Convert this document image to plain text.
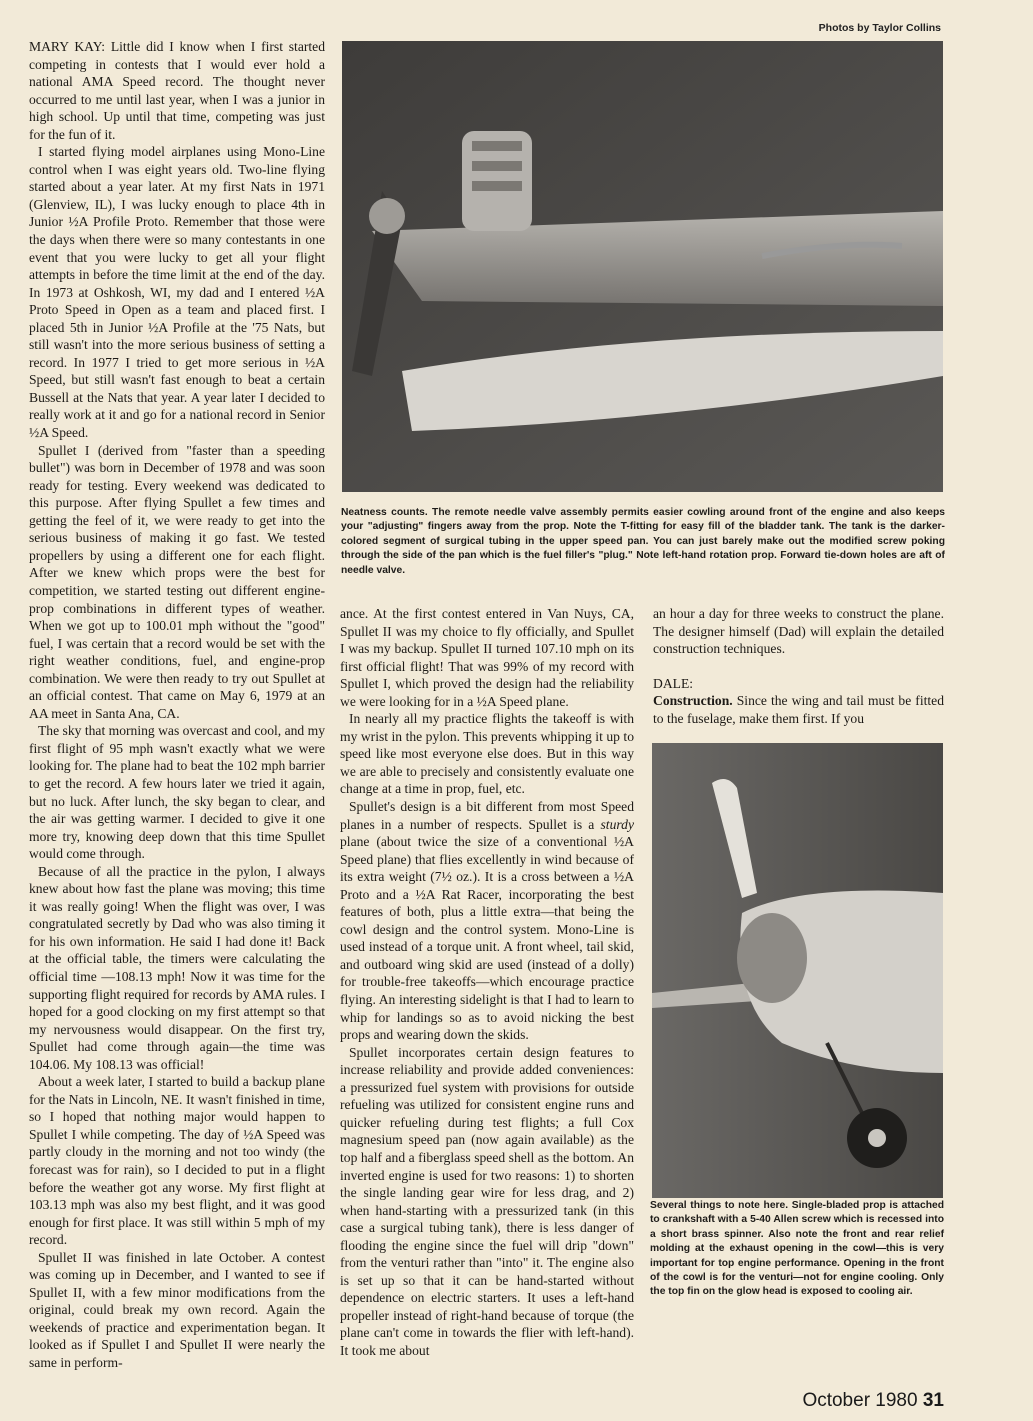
Photos by Taylor Collins

MARY KAY: Little did I know when I first started competing in contests that I would ever hold a national AMA Speed record. The thought never occurred to me until last year, when I was a junior in high school. Up until that time, competing was just for the fun of it.

I started flying model airplanes using Mono-Line control when I was eight years old. Two-line flying started about a year later. At my first Nats in 1971 (Glenview, IL), I was lucky enough to place 4th in Junior ½A Profile Proto. Remember that those were the days when there were so many contestants in one event that you were lucky to get all your flight attempts in before the time limit at the end of the day. In 1973 at Oshkosh, WI, my dad and I entered ½A Proto Speed in Open as a team and placed first. I placed 5th in Junior ½A Profile at the '75 Nats, but still wasn't into the more serious business of setting a record. In 1977 I tried to get more serious in ½A Speed, but still wasn't fast enough to beat a certain Bussell at the Nats that year. A year later I decided to really work at it and go for a national record in Senior ½A Speed.

Spullet I (derived from "faster than a speeding bullet") was born in December of 1978 and was soon ready for testing. Every weekend was dedicated to this purpose. After flying Spullet a few times and getting the feel of it, we were ready to get into the serious business of making it go fast. We tested propellers by using a different one for each flight. After we knew which props were the best for competition, we started testing out different engine-prop combinations in different types of weather. When we got up to 100.01 mph without the "good" fuel, I was certain that a record would be set with the right weather conditions, fuel, and engine-prop combination. We were then ready to try out Spullet at an official contest. That came on May 6, 1979 at an AA meet in Santa Ana, CA.

The sky that morning was overcast and cool, and my first flight of 95 mph wasn't exactly what we were looking for. The plane had to beat the 102 mph barrier to get the record. A few hours later we tried it again, but no luck. After lunch, the sky began to clear, and the air was getting warmer. I decided to give it one more try, knowing deep down that this time Spullet would come through.

Because of all the practice in the pylon, I always knew about how fast the plane was moving; this time it was really going! When the flight was over, I was congratulated secretly by Dad who was also timing it for his own information. He said I had done it! Back at the official table, the timers were calculating the official time —108.13 mph! Now it was time for the supporting flight required for records by AMA rules. I hoped for a good clocking on my first attempt so that my nervousness would disappear. On the first try, Spullet had come through again—the time was 104.06. My 108.13 was official!

About a week later, I started to build a backup plane for the Nats in Lincoln, NE. It wasn't finished in time, so I hoped that nothing major would happen to Spullet I while competing. The day of ½A Speed was partly cloudy in the morning and not too windy (the forecast was for rain), so I decided to put in a flight before the weather got any worse. My first flight at 103.13 mph was also my best flight, and it was good enough for first place. It was still within 5 mph of my record.

Spullet II was finished in late October. A contest was coming up in December, and I wanted to see if Spullet II, with a few minor modifications from the original, could break my own record. Again the weekends of practice and experimentation began. It looked as if Spullet I and Spullet II were nearly the same in perform-

Neatness counts. The remote needle valve assembly permits easier cowling around front of the engine and also keeps your "adjusting" fingers away from the prop. Note the T-fitting for easy fill of the bladder tank. The tank is the darker-colored segment of surgical tubing in the upper speed pan. You can just barely make out the modified screw poking through the side of the pan which is the fuel filler's "plug." Note left-hand rotation prop. Forward tie-down holes are aft of needle valve.

ance. At the first contest entered in Van Nuys, CA, Spullet II was my choice to fly officially, and Spullet I was my backup. Spullet II turned 107.10 mph on its first official flight! That was 99% of my record with Spullet I, which proved the design had the reliability we were looking for in a ½A Speed plane.

In nearly all my practice flights the takeoff is with my wrist in the pylon. This prevents whipping it up to speed like most everyone else does. But in this way we are able to precisely and consistently evaluate one change at a time in prop, fuel, etc.

Spullet's design is a bit different from most Speed planes in a number of respects. Spullet is a sturdy plane (about twice the size of a conventional ½A Speed plane) that flies excellently in wind because of its extra weight (7½ oz.). It is a cross between a ½A Proto and a ½A Rat Racer, incorporating the best features of both, plus a little extra—that being the cowl design and the control system. Mono-Line is used instead of a torque unit. A front wheel, tail skid, and outboard wing skid are used (instead of a dolly) for trouble-free takeoffs—which encourage practice flying. An interesting sidelight is that I had to learn to whip for landings so as to avoid nicking the best props and wearing down the skids.

Spullet incorporates certain design features to increase reliability and provide added conveniences: a pressurized fuel system with provisions for outside refueling was utilized for consistent engine runs and quicker refueling during test flights; a full Cox magnesium speed pan (now again available) as the top half and a fiberglass speed shell as the bottom. An inverted engine is used for two reasons: 1) to shorten the single landing gear wire for less drag, and 2) when hand-starting with a pressurized tank (in this case a surgical tubing tank), there is less danger of flooding the engine since the fuel will drip "down" from the venturi rather than "into" it. The engine also is set up so that it can be hand-started without dependence on electric starters. It uses a left-hand propeller instead of right-hand because of torque (the plane can't come in towards the flier with left-hand). It took me about

an hour a day for three weeks to construct the plane. The designer himself (Dad) will explain the detailed construction techniques.

DALE:

Construction. Since the wing and tail must be fitted to the fuselage, make them first. If you

Several things to note here. Single-bladed prop is attached to crankshaft with a 5-40 Allen screw which is recessed into a short brass spinner. Also note the front and rear relief molding at the exhaust opening in the cowl—this is very important for top engine performance. Opening in the front of the cowl is for the venturi—not for engine cooling. Only the top fin on the glow head is exposed to cooling air.
October 1980 31
